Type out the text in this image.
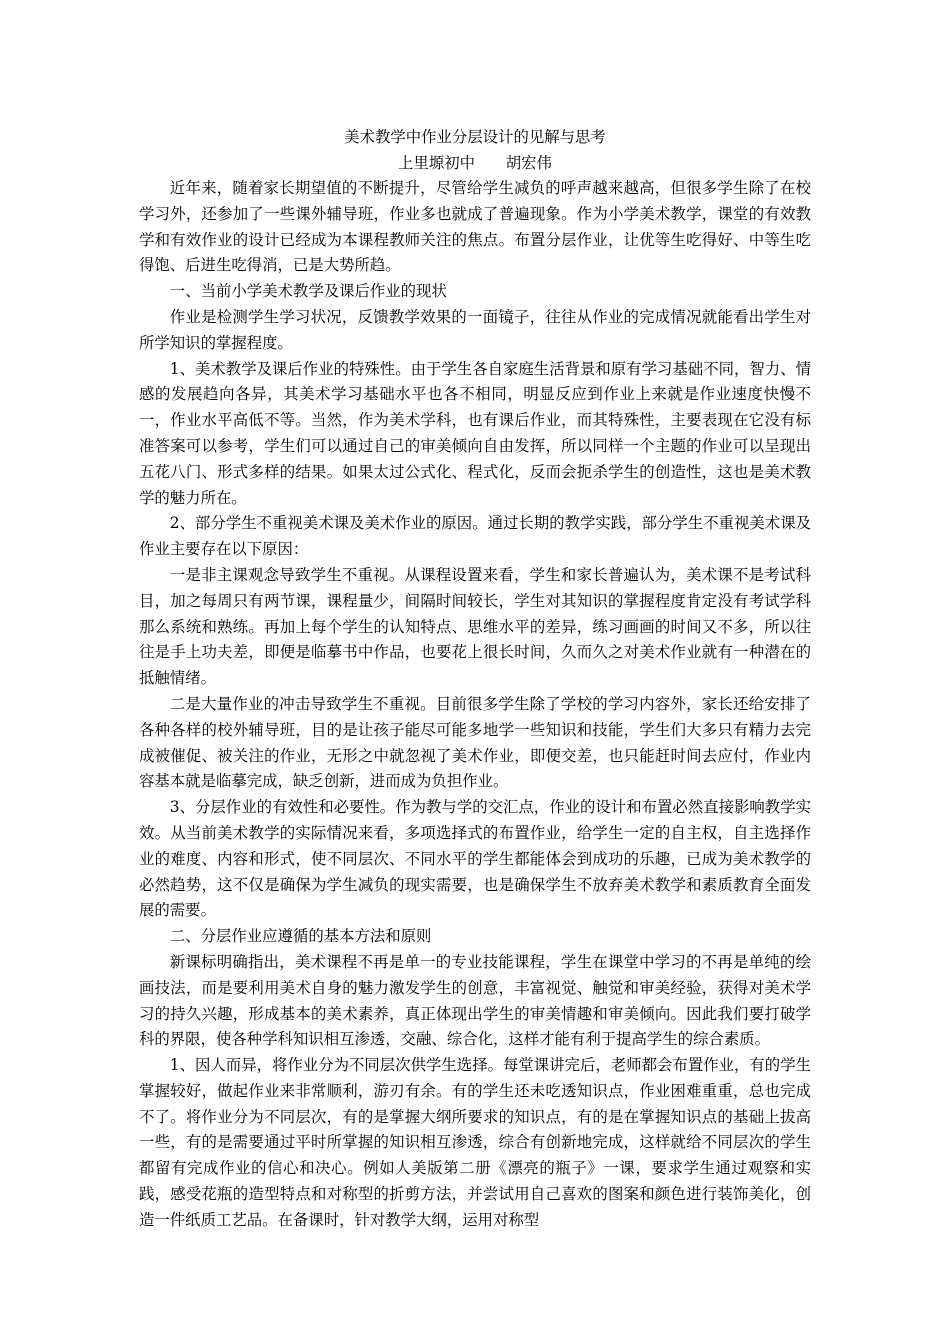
美术教学中作业分层设计的见解与思考
上里塬初中　　胡宏伟

近年来，随着家长期望值的不断提升，尽管给学生减负的呼声越来越高，但很多学生除了在校学习外，还参加了一些课外辅导班，作业多也就成了普遍现象。作为小学美术教学，课堂的有效教学和有效作业的设计已经成为本课程教师关注的焦点。布置分层作业，让优等生吃得好、中等生吃得饱、后进生吃得消，已是大势所趋。

一、当前小学美术教学及课后作业的现状

作业是检测学生学习状况，反馈教学效果的一面镜子，往往从作业的完成情况就能看出学生对所学知识的掌握程度。

1、美术教学及课后作业的特殊性。由于学生各自家庭生活背景和原有学习基础不同，智力、情感的发展趋向各异，其美术学习基础水平也各不相同，明显反应到作业上来就是作业速度快慢不一，作业水平高低不等。当然，作为美术学科，也有课后作业，而其特殊性，主要表现在它没有标准答案可以参考，学生们可以通过自己的审美倾向自由发挥，所以同样一个主题的作业可以呈现出五花八门、形式多样的结果。如果太过公式化、程式化，反而会扼杀学生的创造性，这也是美术教学的魅力所在。

2、部分学生不重视美术课及美术作业的原因。通过长期的教学实践，部分学生不重视美术课及作业主要存在以下原因：

一是非主课观念导致学生不重视。从课程设置来看，学生和家长普遍认为，美术课不是考试科目，加之每周只有两节课，课程量少，间隔时间较长，学生对其知识的掌握程度肯定没有考试学科那么系统和熟练。再加上每个学生的认知特点、思维水平的差异，练习画画的时间又不多，所以往往是手上功夫差，即便是临摹书中作品，也要花上很长时间，久而久之对美术作业就有一种潜在的抵触情绪。

二是大量作业的冲击导致学生不重视。目前很多学生除了学校的学习内容外，家长还给安排了各种各样的校外辅导班，目的是让孩子能尽可能多地学一些知识和技能，学生们大多只有精力去完成被催促、被关注的作业，无形之中就忽视了美术作业，即便交差，也只能赶时间去应付，作业内容基本就是临摹完成，缺乏创新，进而成为负担作业。

3、分层作业的有效性和必要性。作为教与学的交汇点，作业的设计和布置必然直接影响教学实效。从当前美术教学的实际情况来看，多项选择式的布置作业，给学生一定的自主权，自主选择作业的难度、内容和形式，使不同层次、不同水平的学生都能体会到成功的乐趣，已成为美术教学的必然趋势，这不仅是确保为学生减负的现实需要，也是确保学生不放弃美术教学和素质教育全面发展的需要。

二、分层作业应遵循的基本方法和原则

新课标明确指出，美术课程不再是单一的专业技能课程，学生在课堂中学习的不再是单纯的绘画技法，而是要利用美术自身的魅力激发学生的创意，丰富视觉、触觉和审美经验，获得对美术学习的持久兴趣，形成基本的美术素养，真正体现出学生的审美情趣和审美倾向。因此我们要打破学科的界限，使各种学科知识相互渗透，交融、综合化，这样才能有利于提高学生的综合素质。

1、因人而异，将作业分为不同层次供学生选择。每堂课讲完后，老师都会布置作业，有的学生掌握较好，做起作业来非常顺利，游刃有余。有的学生还未吃透知识点，作业困难重重，总也完成不了。将作业分为不同层次，有的是掌握大纲所要求的知识点，有的是在掌握知识点的基础上拔高一些，有的是需要通过平时所掌握的知识相互渗透，综合有创新地完成，这样就给不同层次的学生都留有完成作业的信心和决心。例如人美版第二册《漂亮的瓶子》一课，要求学生通过观察和实践，感受花瓶的造型特点和对称型的折剪方法，并尝试用自己喜欢的图案和颜色进行装饰美化，创造一件纸质工艺品。在备课时，针对教学大纲，运用对称型
